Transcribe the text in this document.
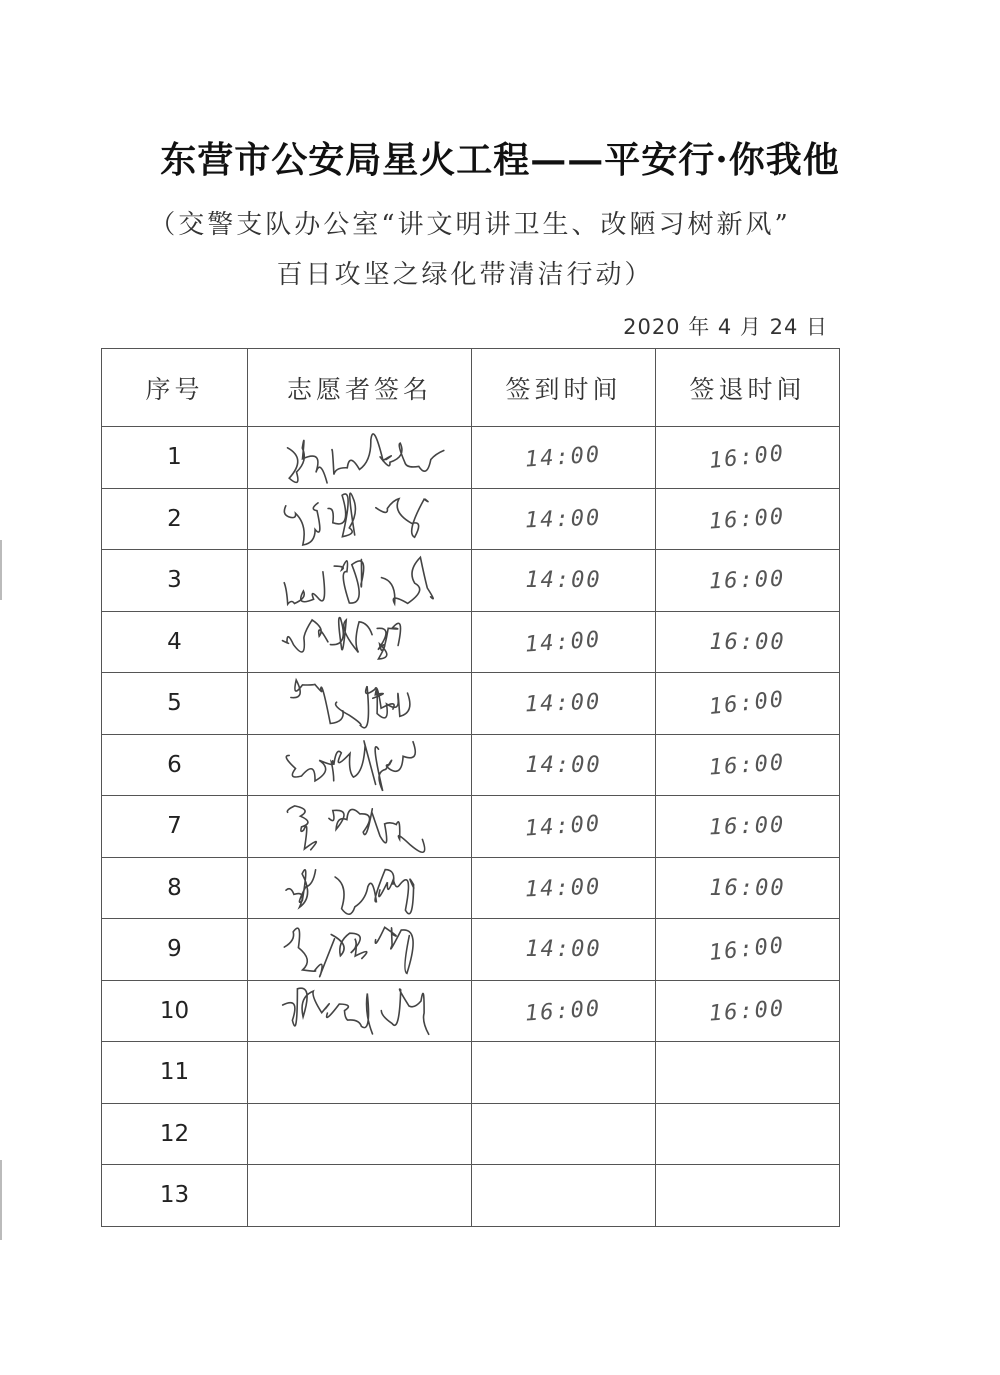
东营市公安局星火工程——平安行·你我他
（交警支队办公室“讲文明讲卫生、改陋习树新风”
百日攻坚之绿化带清洁行动）
2020 年 4 月 24 日
序号	志愿者签名	签到时间	签退时间
1		14:00	16:00
2		14:00	16:00
3		14:00	16:00
4		14:00	16:00
5		14:00	16:00
6		14:00	16:00
7		14:00	16:00
8		14:00	16:00
9		14:00	16:00
10		16:00	16:00
11			
12			
13			
